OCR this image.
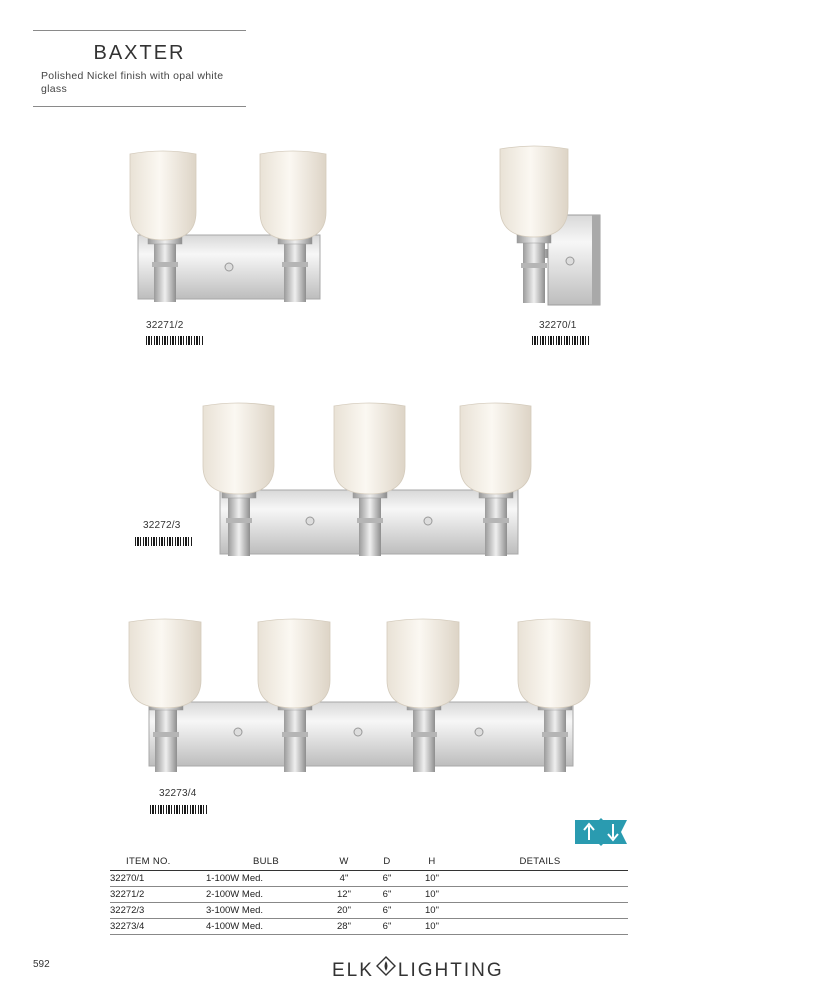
BAXTER
Polished Nickel finish with opal white glass
32271/2	32270/1
32272/3
32273/4
ITEM NO.	BULB	W	D	H	DETAILS
32270/1	1-100W Med.	4"	6"	10"	
32271/2	2-100W Med.	12"	6"	10"	
32272/3	3-100W Med.	20"	6"	10"	
32273/4	4-100W Med.	28"	6"	10"	
592	ELK LIGHTING
